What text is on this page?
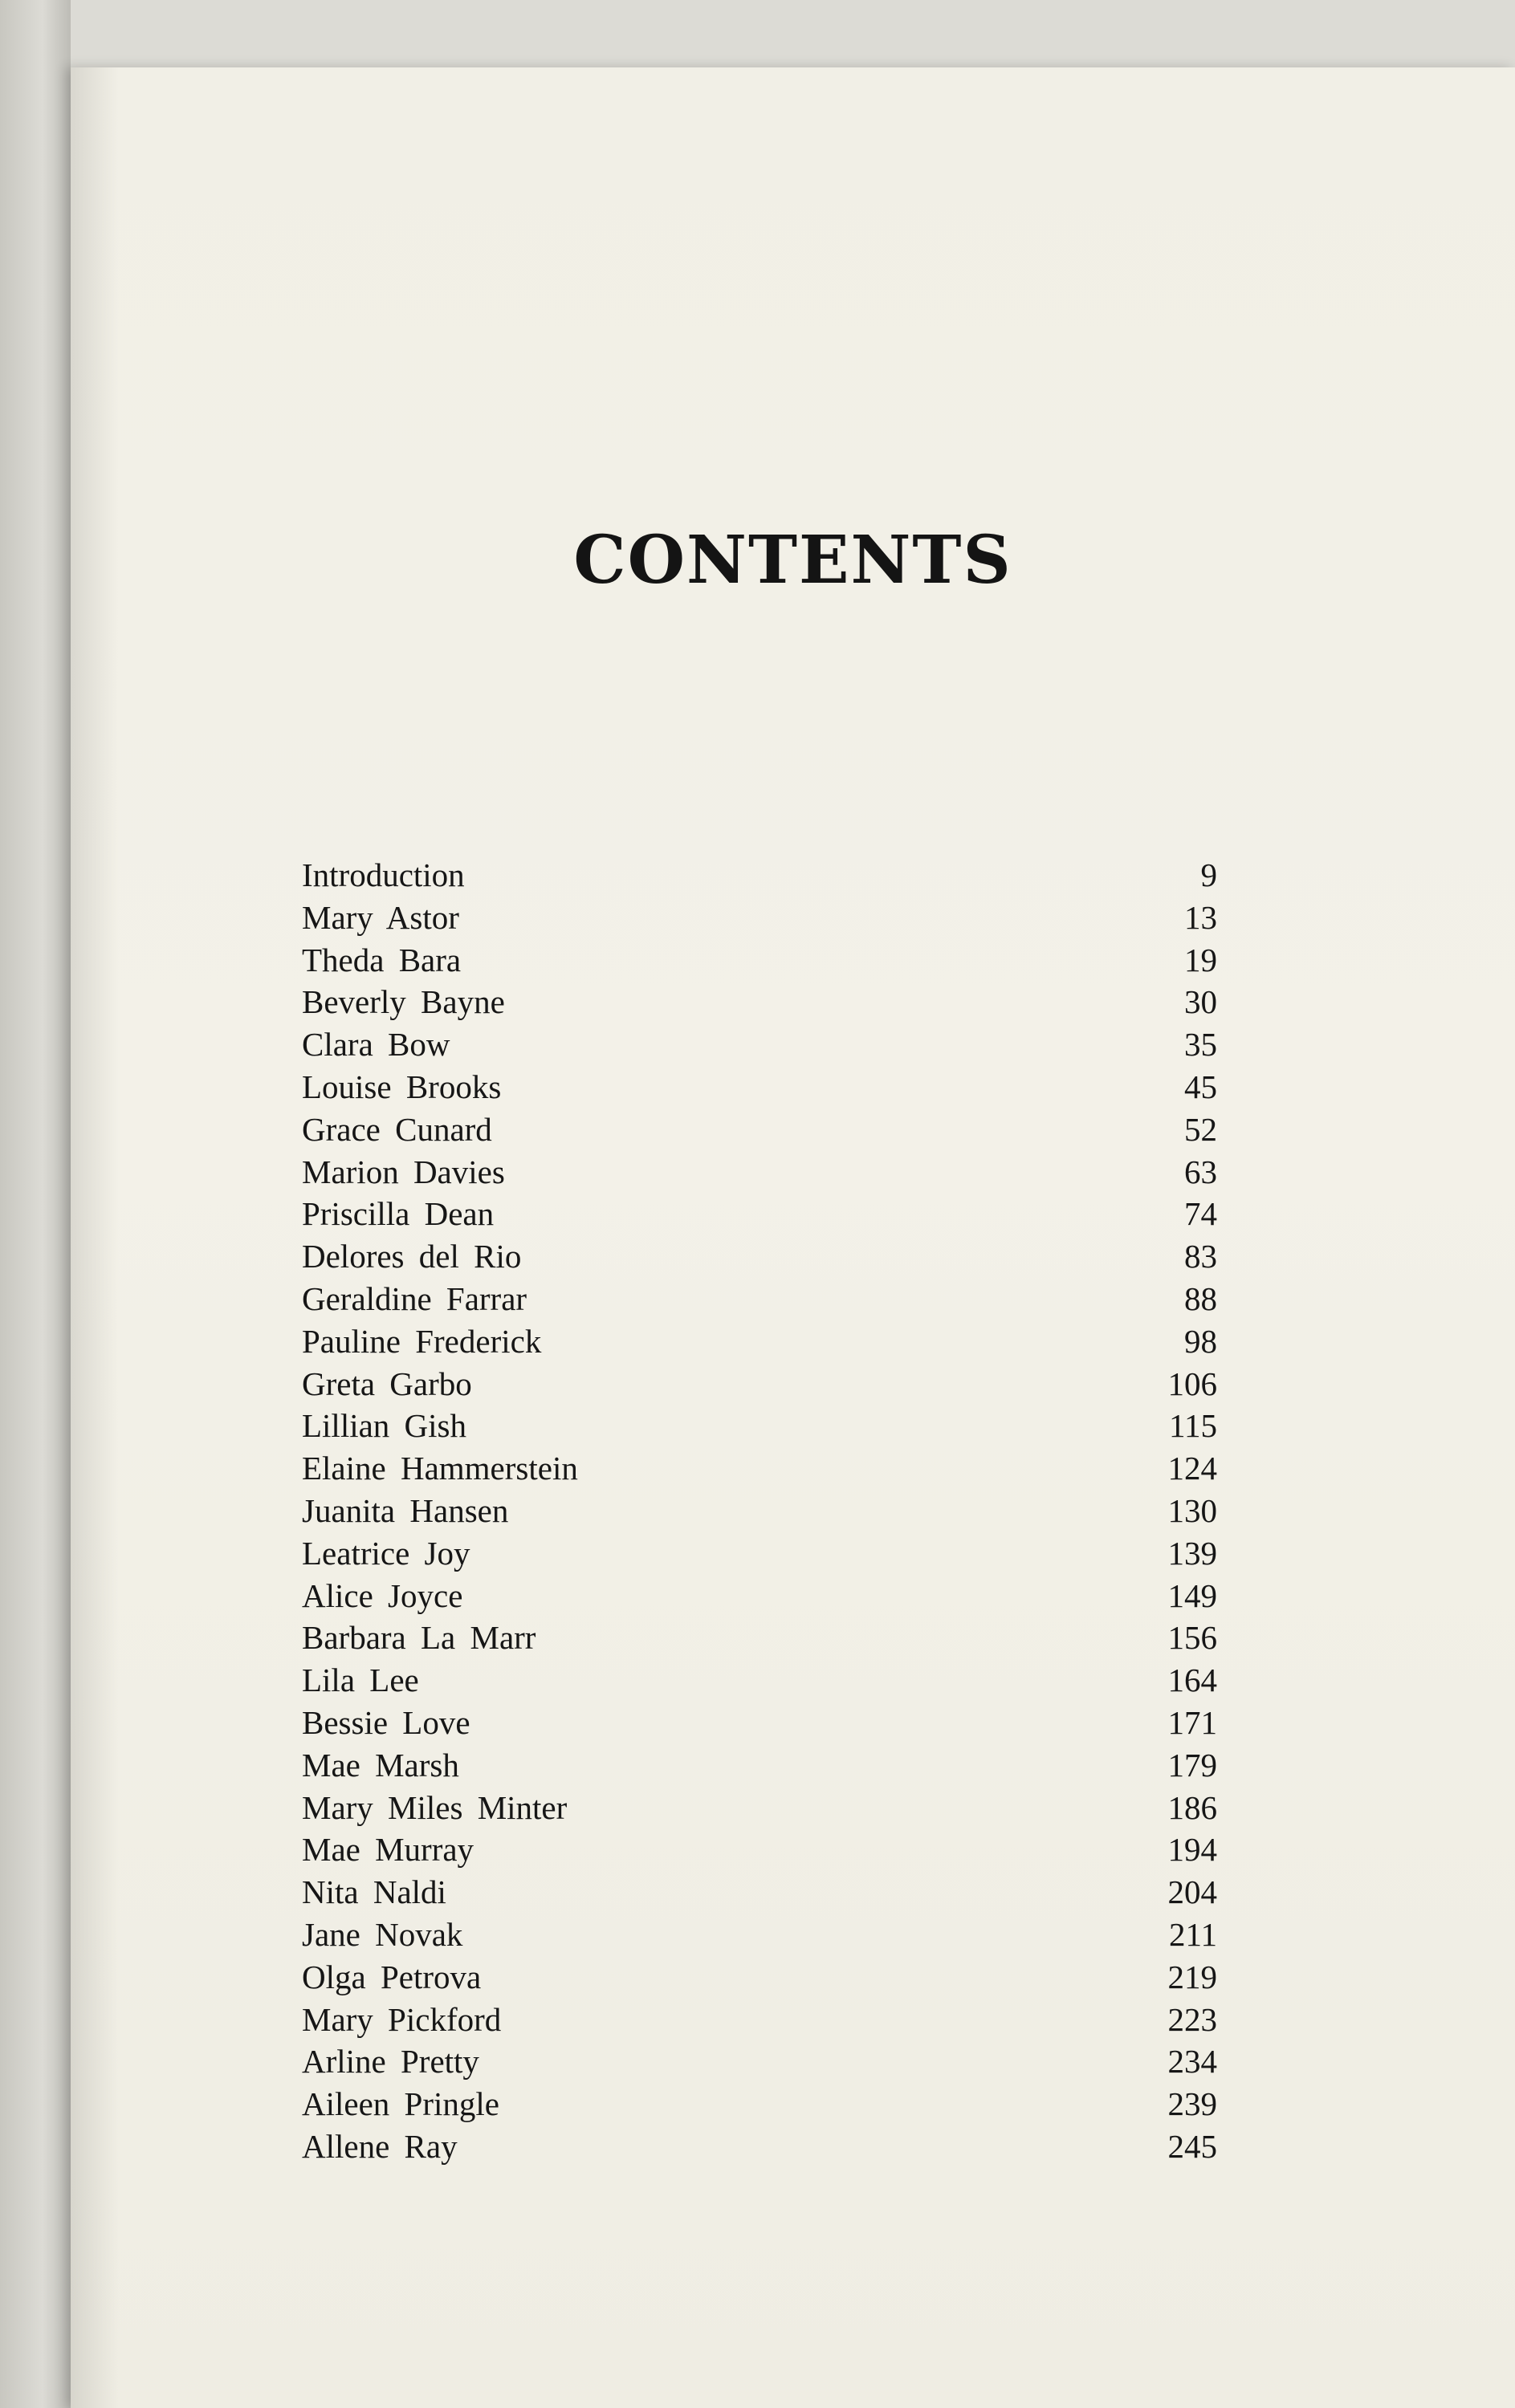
CONTENTS
Introduction	9
Mary Astor	13
Theda Bara	19
Beverly Bayne	30
Clara Bow	35
Louise Brooks	45
Grace Cunard	52
Marion Davies	63
Priscilla Dean	74
Delores del Rio	83
Geraldine Farrar	88
Pauline Frederick	98
Greta Garbo	106
Lillian Gish	115
Elaine Hammerstein	124
Juanita Hansen	130
Leatrice Joy	139
Alice Joyce	149
Barbara La Marr	156
Lila Lee	164
Bessie Love	171
Mae Marsh	179
Mary Miles Minter	186
Mae Murray	194
Nita Naldi	204
Jane Novak	211
Olga Petrova	219
Mary Pickford	223
Arline Pretty	234
Aileen Pringle	239
Allene Ray	245
